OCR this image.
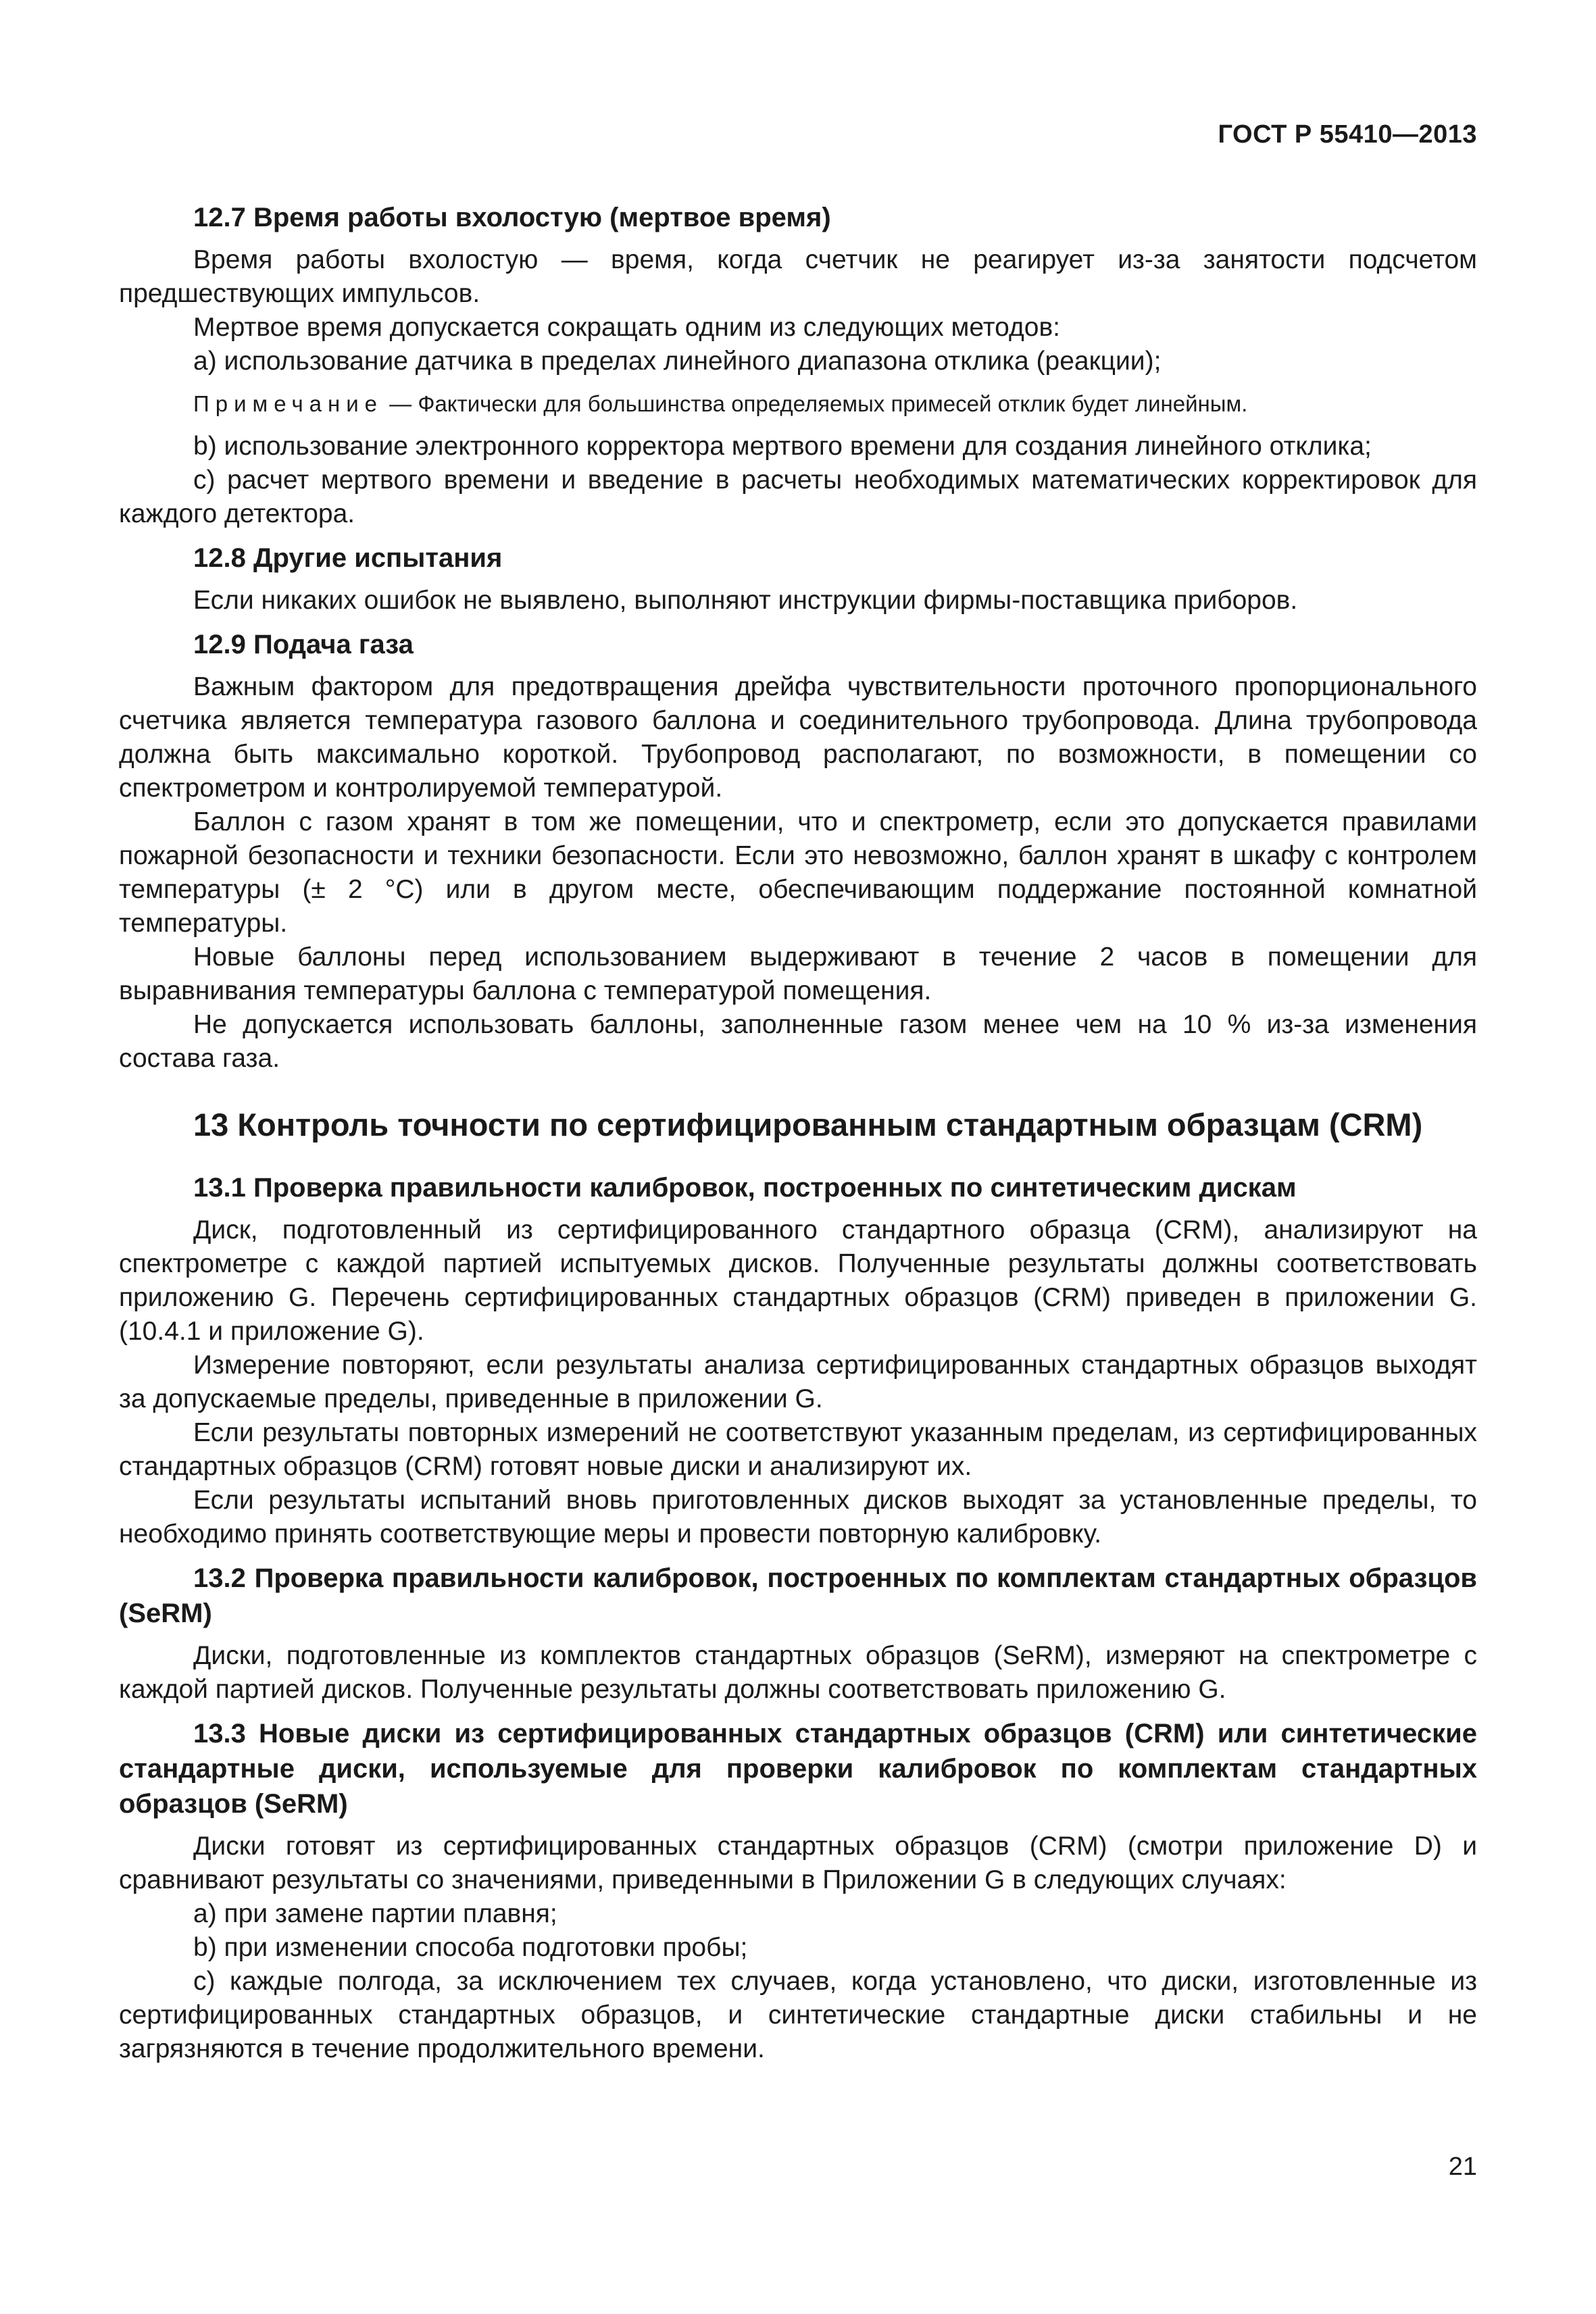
ГОСТ Р 55410—2013
12.7 Время работы вхолостую (мертвое время)

Время работы вхолостую — время, когда счетчик не реагирует из-за занятости подсчетом предшествующих импульсов.

Мертвое время допускается сокращать одним из следующих методов:

a) использование датчика в пределах линейного диапазона отклика (реакции);

Примечание — Фактически для большинства определяемых примесей отклик будет линейным.

b) использование электронного корректора мертвого времени для создания линейного отклика;

c) расчет мертвого времени и введение в расчеты необходимых математических корректировок для каждого детектора.

12.8 Другие испытания

Если никаких ошибок не выявлено, выполняют инструкции фирмы-поставщика приборов.

12.9 Подача газа

Важным фактором для предотвращения дрейфа чувствительности проточного пропорционального счетчика является температура газового баллона и соединительного трубопровода. Длина трубопровода должна быть максимально короткой. Трубопровод располагают, по возможности, в помещении со спектрометром и контролируемой температурой.

Баллон с газом хранят в том же помещении, что и спектрометр, если это допускается правилами пожарной безопасности и техники безопасности. Если это невозможно, баллон хранят в шкафу с контролем температуры (± 2 °С) или в другом месте, обеспечивающим поддержание постоянной комнатной температуры.

Новые баллоны перед использованием выдерживают в течение 2 часов в помещении для выравнивания температуры баллона с температурой помещения.

Не допускается использовать баллоны, заполненные газом менее чем на 10 % из-за изменения состава газа.

13 Контроль точности по сертифицированным стандартным образцам (CRM)
13.1 Проверка правильности калибровок, построенных по синтетическим дискам

Диск, подготовленный из сертифицированного стандартного образца (CRM), анализируют на спектрометре с каждой партией испытуемых дисков. Полученные результаты должны соответствовать приложению G. Перечень сертифицированных стандартных образцов (CRM) приведен в приложении G. (10.4.1 и приложение G).

Измерение повторяют, если результаты анализа сертифицированных стандартных образцов выходят за допускаемые пределы, приведенные в приложении G.

Если результаты повторных измерений не соответствуют указанным пределам, из сертифицированных стандартных образцов (CRM) готовят новые диски и анализируют их.

Если результаты испытаний вновь приготовленных дисков выходят за установленные пределы, то необходимо принять соответствующие меры и провести повторную калибровку.

13.2 Проверка правильности калибровок, построенных по комплектам стандартных образцов (SeRM)

Диски, подготовленные из комплектов стандартных образцов (SeRM), измеряют на спектрометре с каждой партией дисков. Полученные результаты должны соответствовать приложению G.

13.3 Новые диски из сертифицированных стандартных образцов (CRM) или синтетические стандартные диски, используемые для проверки калибровок по комплектам стандартных образцов (SeRM)

Диски готовят из сертифицированных стандартных образцов (CRM) (смотри приложение D) и сравнивают результаты со значениями, приведенными в Приложении G в следующих случаях:

a) при замене партии плавня;

b) при изменении способа подготовки пробы;

c) каждые полгода, за исключением тех случаев, когда установлено, что диски, изготовленные из сертифицированных стандартных образцов, и синтетические стандартные диски стабильны и не загрязняются в течение продолжительного времени.

21
